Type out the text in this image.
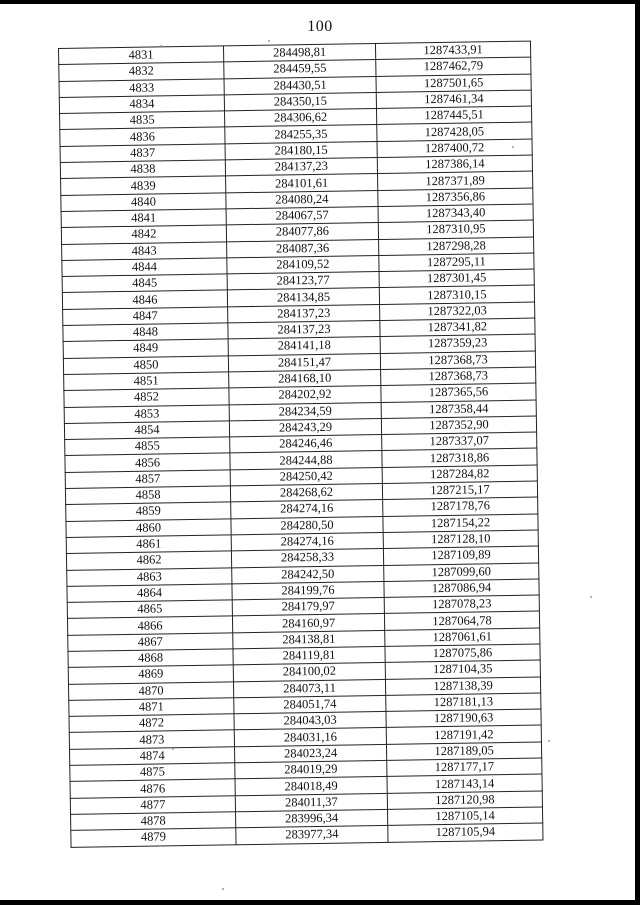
100
4831	284498,81	1287433,91
4832	284459,55	1287462,79
4833	284430,51	1287501,65
4834	284350,15	1287461,34
4835	284306,62	1287445,51
4836	284255,35	1287428,05
4837	284180,15	1287400,72
4838	284137,23	1287386,14
4839	284101,61	1287371,89
4840	284080,24	1287356,86
4841	284067,57	1287343,40
4842	284077,86	1287310,95
4843	284087,36	1287298,28
4844	284109,52	1287295,11
4845	284123,77	1287301,45
4846	284134,85	1287310,15
4847	284137,23	1287322,03
4848	284137,23	1287341,82
4849	284141,18	1287359,23
4850	284151,47	1287368,73
4851	284168,10	1287368,73
4852	284202,92	1287365,56
4853	284234,59	1287358,44
4854	284243,29	1287352,90
4855	284246,46	1287337,07
4856	284244,88	1287318,86
4857	284250,42	1287284,82
4858	284268,62	1287215,17
4859	284274,16	1287178,76
4860	284280,50	1287154,22
4861	284274,16	1287128,10
4862	284258,33	1287109,89
4863	284242,50	1287099,60
4864	284199,76	1287086,94
4865	284179,97	1287078,23
4866	284160,97	1287064,78
4867	284138,81	1287061,61
4868	284119,81	1287075,86
4869	284100,02	1287104,35
4870	284073,11	1287138,39
4871	284051,74	1287181,13
4872	284043,03	1287190,63
4873	284031,16	1287191,42
4874	284023,24	1287189,05
4875	284019,29	1287177,17
4876	284018,49	1287143,14
4877	284011,37	1287120,98
4878	283996,34	1287105,14
4879	283977,34	1287105,94
